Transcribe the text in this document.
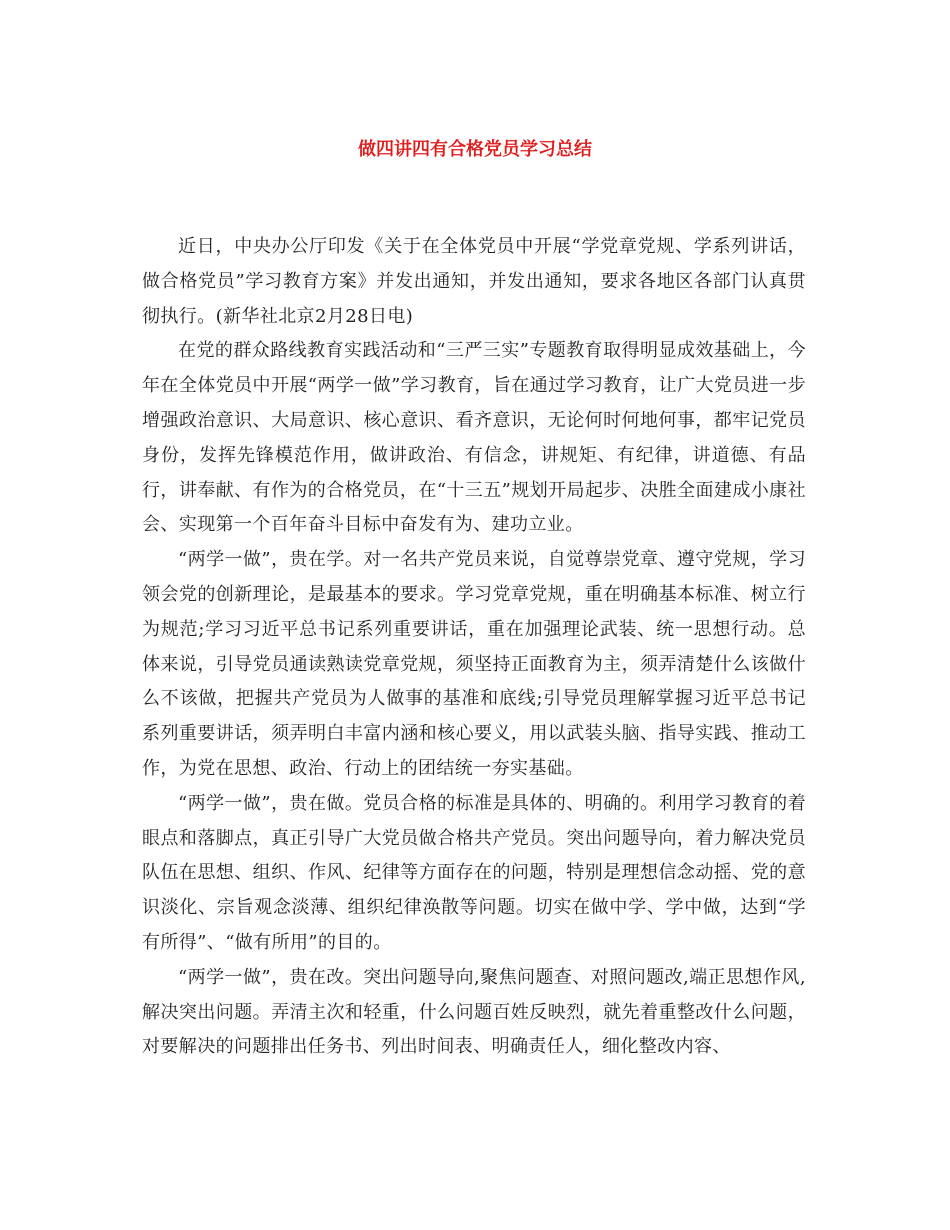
做四讲四有合格党员学习总结

近日，中央办公厅印发《关于在全体党员中开展“学党章党规、学系列讲话，做合格党员”学习教育方案》并发出通知，并发出通知，要求各地区各部门认真贯彻执行。(新华社北京2月28日电)

在党的群众路线教育实践活动和“三严三实”专题教育取得明显成效基础上，今年在全体党员中开展“两学一做”学习教育，旨在通过学习教育，让广大党员进一步增强政治意识、大局意识、核心意识、看齐意识，无论何时何地何事，都牢记党员身份，发挥先锋模范作用，做讲政治、有信念，讲规矩、有纪律，讲道德、有品行，讲奉献、有作为的合格党员，在“十三五”规划开局起步、决胜全面建成小康社会、实现第一个百年奋斗目标中奋发有为、建功立业。

“两学一做”，贵在学。对一名共产党员来说，自觉尊崇党章、遵守党规，学习领会党的创新理论，是最基本的要求。学习党章党规，重在明确基本标准、树立行为规范;学习习近平总书记系列重要讲话，重在加强理论武装、统一思想行动。总体来说，引导党员通读熟读党章党规，须坚持正面教育为主，须弄清楚什么该做什么不该做，把握共产党员为人做事的基准和底线;引导党员理解掌握习近平总书记系列重要讲话，须弄明白丰富内涵和核心要义，用以武装头脑、指导实践、推动工作，为党在思想、政治、行动上的团结统一夯实基础。

“两学一做”，贵在做。党员合格的标准是具体的、明确的。利用学习教育的着眼点和落脚点，真正引导广大党员做合格共产党员。突出问题导向，着力解决党员队伍在思想、组织、作风、纪律等方面存在的问题，特别是理想信念动摇、党的意识淡化、宗旨观念淡薄、组织纪律涣散等问题。切实在做中学、学中做，达到“学有所得”、“做有所用”的目的。

“两学一做”，贵在改。突出问题导向,聚焦问题查、对照问题改,端正思想作风,解决突出问题。弄清主次和轻重，什么问题百姓反映烈，就先着重整改什么问题，对要解决的问题排出任务书、列出时间表、明确责任人，细化整改内容、
